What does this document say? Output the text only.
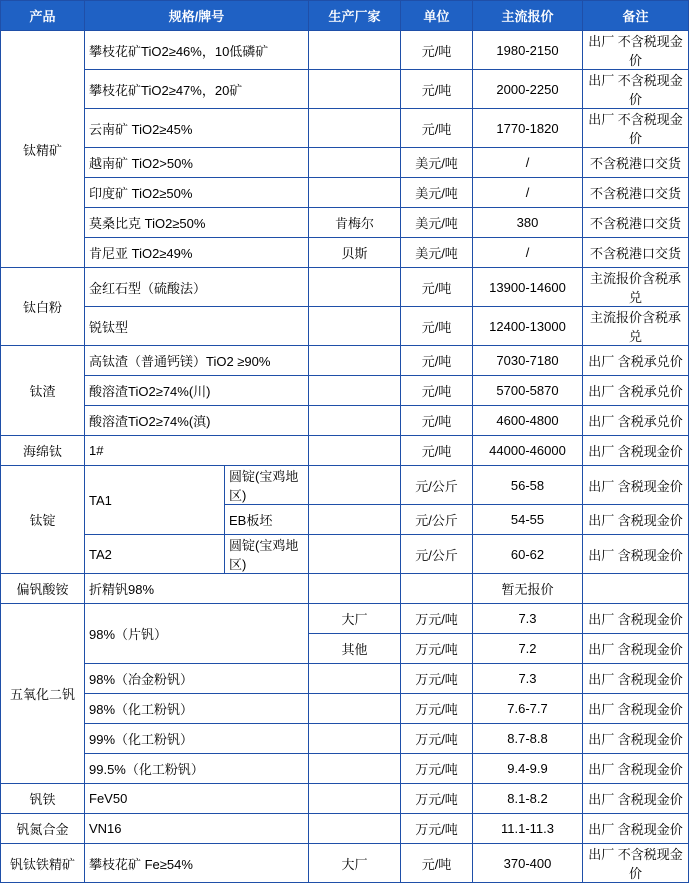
产品	规格/牌号		生产厂家	单位	主流报价	备注
钛精矿	攀枝花矿TiO2≥46%，10低磷矿			元/吨	1980-2150	出厂 不含税现金价
	攀枝花矿TiO2≥47%，20矿			元/吨	2000-2250	出厂 不含税现金价
	云南矿 TiO2≥45%			元/吨	1770-1820	出厂 不含税现金价
	越南矿 TiO2>50%			美元/吨	/	不含税港口交货
	印度矿 TiO2≥50%			美元/吨	/	不含税港口交货
	莫桑比克 TiO2≥50%		肯梅尔	美元/吨	380	不含税港口交货
	肯尼亚 TiO2≥49%		贝斯	美元/吨	/	不含税港口交货
钛白粉	金红石型（硫酸法）			元/吨	13900-14600	主流报价含税承兑
	锐钛型			元/吨	12400-13000	主流报价含税承兑
钛渣	高钛渣（普通钙镁）TiO2 ≥90%			元/吨	7030-7180	出厂 含税承兑价
	酸溶渣TiO2≥74%(川)			元/吨	5700-5870	出厂 含税承兑价
	酸溶渣TiO2≥74%(滇)			元/吨	4600-4800	出厂 含税承兑价
海绵钛	1#			元/吨	44000-46000	出厂 含税现金价
钛锭	TA1	圆锭(宝鸡地区)		元/公斤	56-58	出厂 含税现金价
		EB板坯		元/公斤	54-55	出厂 含税现金价
	TA2	圆锭(宝鸡地区)		元/公斤	60-62	出厂 含税现金价
偏钒酸铵	折精钒98%				暂无报价	
五氧化二钒	98%（片钒）		大厂	万元/吨	7.3	出厂 含税现金价
			其他	万元/吨	7.2	出厂 含税现金价
	98%（冶金粉钒）			万元/吨	7.3	出厂 含税现金价
	98%（化工粉钒）			万元/吨	7.6-7.7	出厂 含税现金价
	99%（化工粉钒）			万元/吨	8.7-8.8	出厂 含税现金价
	99.5%（化工粉钒）			万元/吨	9.4-9.9	出厂 含税现金价
钒铁	FeV50			万元/吨	8.1-8.2	出厂 含税现金价
钒氮合金	VN16			万元/吨	11.1-11.3	出厂 含税现金价
钒钛铁精矿	攀枝花矿 Fe≥54%		大厂	元/吨	370-400	出厂 不含税现金价
